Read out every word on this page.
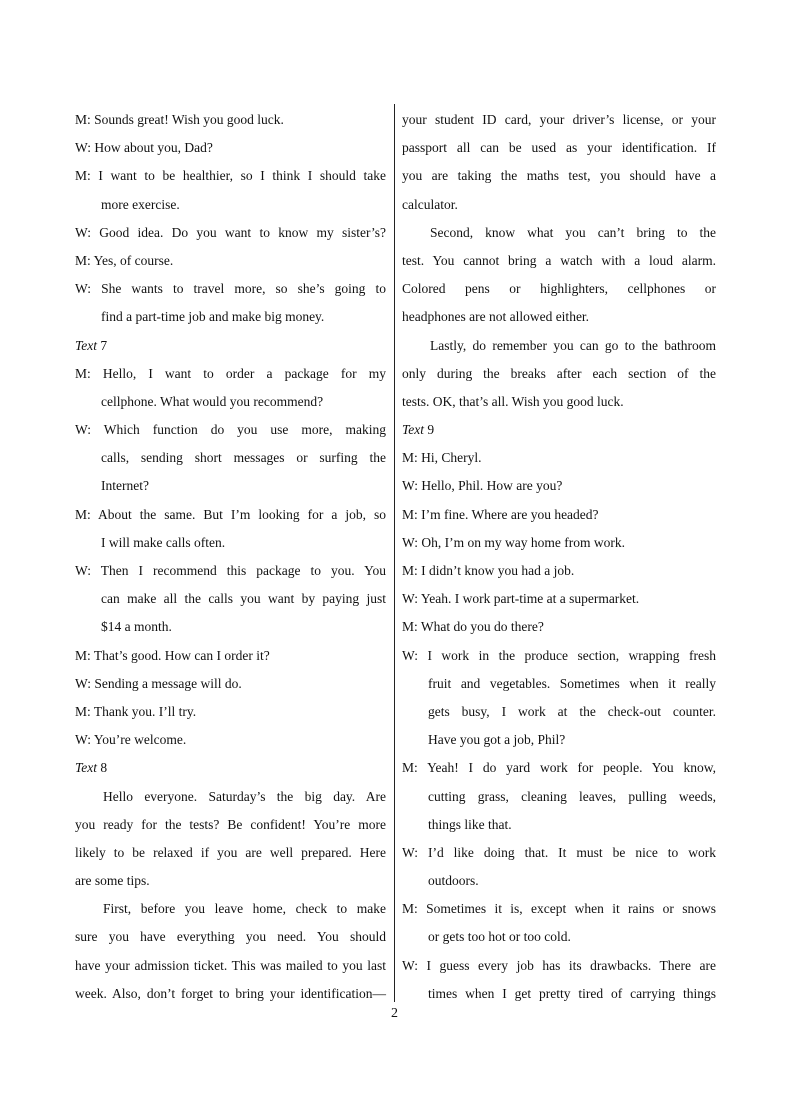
M: Sounds great! Wish you good luck.
W: How about you, Dad?
M: I want to be healthier, so I think I should take
more exercise.
W: Good idea. Do you want to know my sister’s?
M: Yes, of course.
W: She wants to travel more, so she’s going to
find a part-time job and make big money.
Text 7
M: Hello, I want to order a package for my
cellphone. What would you recommend?
W: Which function do you use more, making
calls, sending short messages or surfing the
Internet?
M: About the same. But I’m looking for a job, so
I will make calls often.
W: Then I recommend this package to you. You
can make all the calls you want by paying just
$14 a month.
M: That’s good. How can I order it?
W: Sending a message will do.
M: Thank you. I’ll try.
W: You’re welcome.
Text 8
Hello everyone. Saturday’s the big day. Are
you ready for the tests? Be confident! You’re more
likely to be relaxed if you are well prepared. Here
are some tips.
First, before you leave home, check to make
sure you have everything you need. You should
have your admission ticket. This was mailed to you last
week. Also, don’t forget to bring your identification—
your student ID card, your driver’s license, or your
passport all can be used as your identification. If
you are taking the maths test, you should have a
calculator.
Second, know what you can’t bring to the
test. You cannot bring a watch with a loud alarm.
Colored pens or highlighters, cellphones or
headphones are not allowed either.
Lastly, do remember you can go to the bathroom
only during the breaks after each section of the
tests. OK, that’s all. Wish you good luck.
Text 9
M: Hi, Cheryl.
W: Hello, Phil. How are you?
M: I’m fine. Where are you headed?
W: Oh, I’m on my way home from work.
M: I didn’t know you had a job.
W: Yeah. I work part-time at a supermarket.
M: What do you do there?
W: I work in the produce section, wrapping fresh
fruit and vegetables. Sometimes when it really
gets busy, I work at the check-out counter.
Have you got a job, Phil?
M: Yeah! I do yard work for people. You know,
cutting grass, cleaning leaves, pulling weeds,
things like that.
W: I’d like doing that. It must be nice to work
outdoors.
M: Sometimes it is, except when it rains or snows
or gets too hot or too cold.
W: I guess every job has its drawbacks. There are
times when I get pretty tired of carrying things
2
